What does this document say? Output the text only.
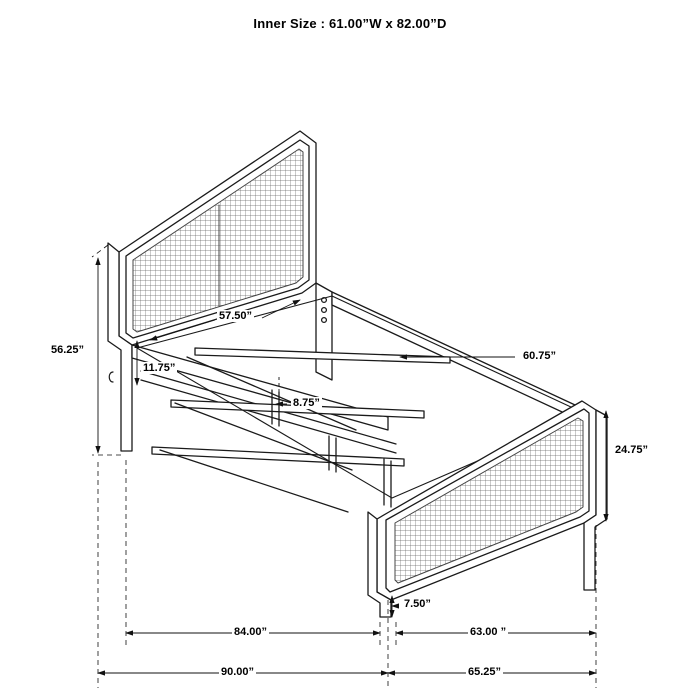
Inner Size : 61.00”W x 82.00”D
56.25”
57.50”
11.75”
8.75”
60.75”
24.75”
7.50”
84.00”	63.00 ”
90.00”	65.25”
